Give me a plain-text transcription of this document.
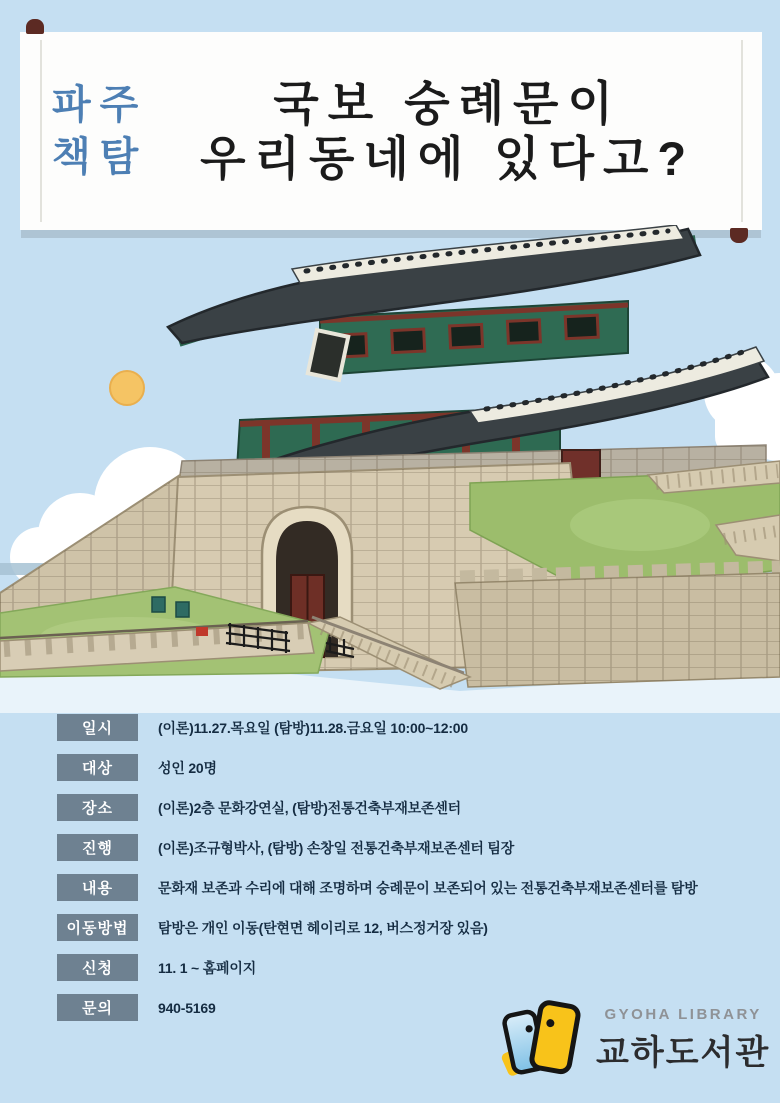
파주
책탐
국보 숭례문이
우리동네에 있다고?
일시	(이론)11.27.목요일 (탐방)11.28.금요일 10:00~12:00
대상	성인 20명
장소	(이론)2층 문화강연실, (탐방)전통건축부재보존센터
진행	(이론)조규형박사, (탐방) 손창일 전통건축부재보존센터 팀장
내용	문화재 보존과 수리에 대해 조명하며 숭례문이 보존되어 있는 전통건축부재보존센터를 탐방
이동방법	탐방은 개인 이동(탄현면 헤이리로 12, 버스정거장 있음)
신청	11. 1 ~ 홈페이지
문의	940-5169	GYOHA LIBRARY
교하도서관
